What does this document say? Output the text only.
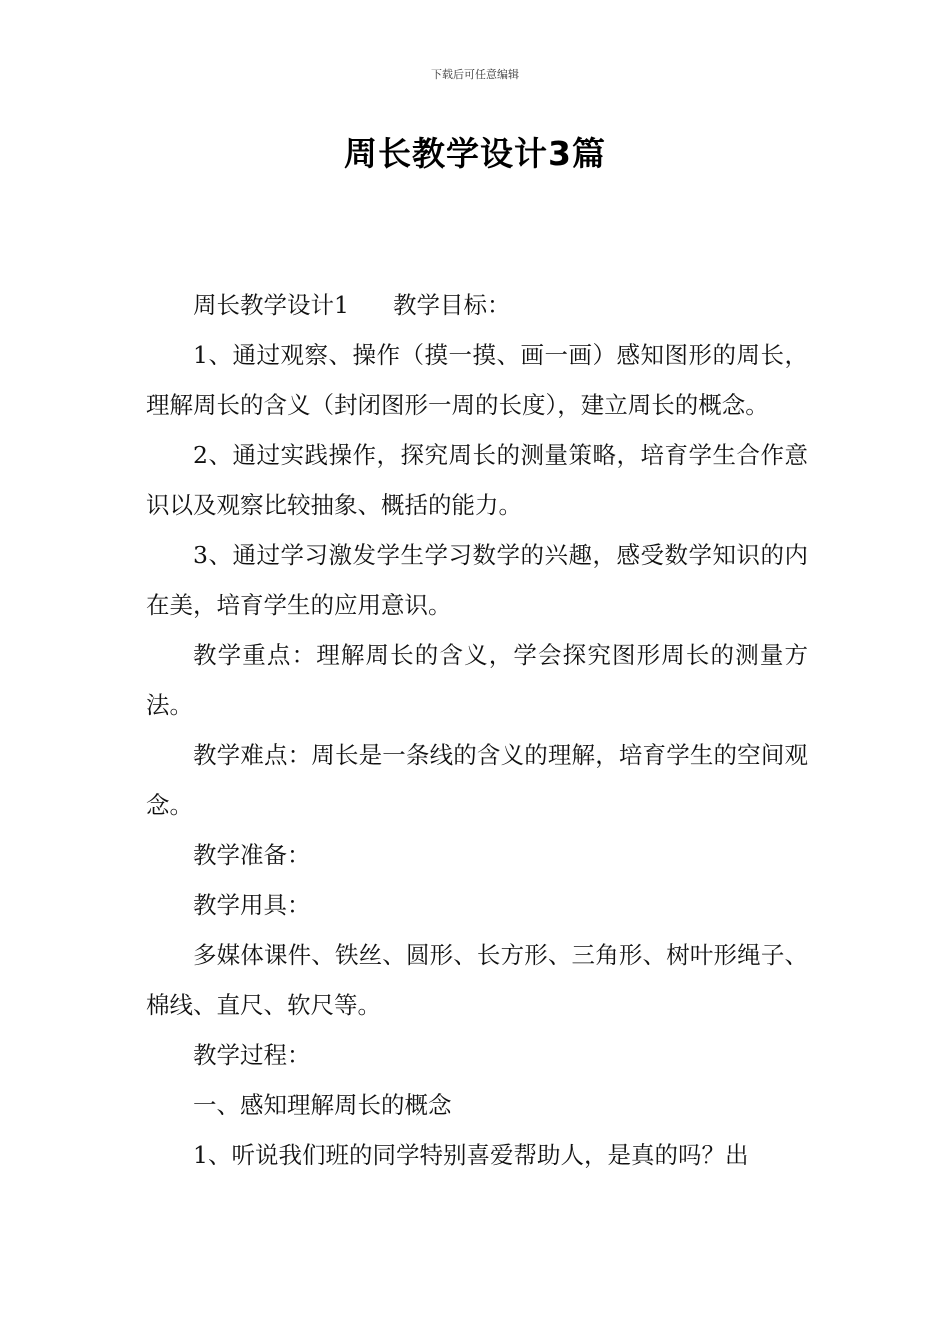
下载后可任意编辑
周长教学设计3篇

周长教学设计1 教学目标：

1、通过观察、操作（摸一摸、画一画）感知图形的周长，理解周长的含义（封闭图形一周的长度），建立周长的概念。

2、通过实践操作，探究周长的测量策略，培育学生合作意识以及观察比较抽象、概括的能力。

3、通过学习激发学生学习数学的兴趣，感受数学知识的内在美，培育学生的应用意识。

教学重点：理解周长的含义，学会探究图形周长的测量方法。

教学难点：周长是一条线的含义的理解，培育学生的空间观念。

教学准备：

教学用具：

多媒体课件、铁丝、圆形、长方形、三角形、树叶形绳子、棉线、直尺、软尺等。

教学过程：

一、感知理解周长的概念

1、听说我们班的同学特别喜爱帮助人，是真的吗？出
